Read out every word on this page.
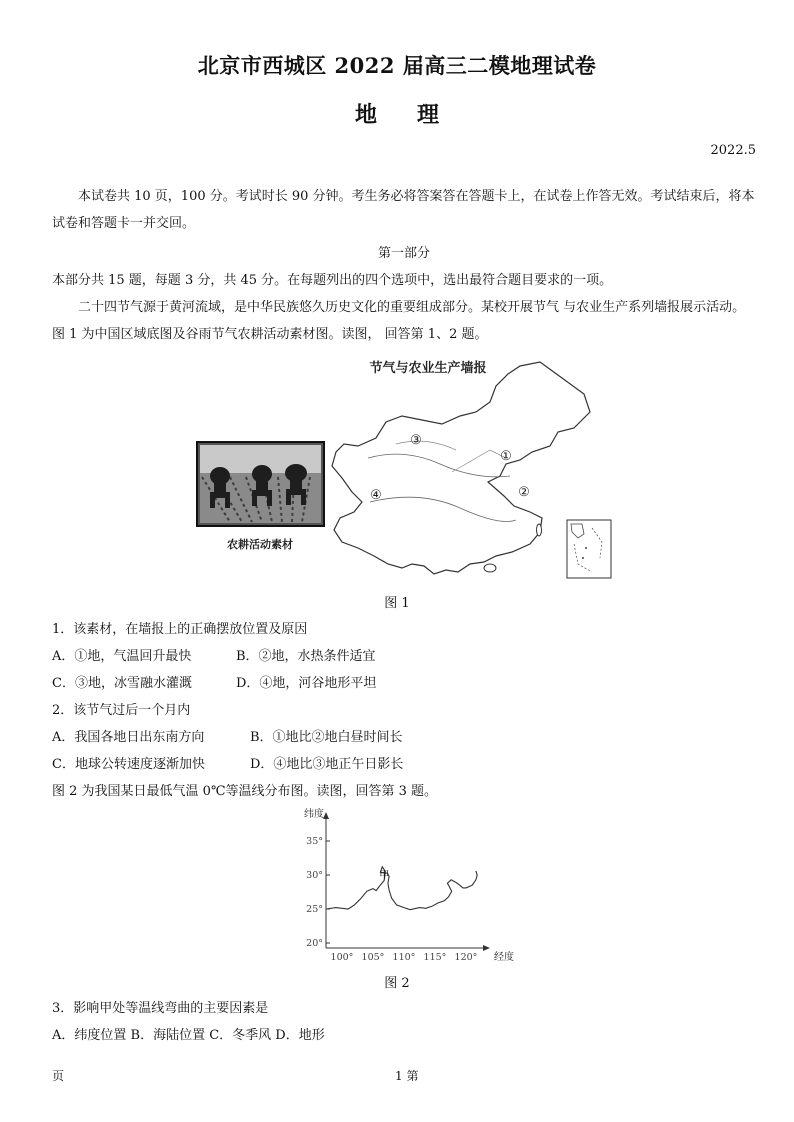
北京市西城区 2022 届高三二模地理试卷
地理
2022.5
本试卷共 10 页，100 分。考试时长 90 分钟。考生务必将答案答在答题卡上，在试卷上作答无效。考试结束后，将本试卷和答题卡一并交回。
第一部分
本部分共 15 题，每题 3 分，共 45 分。在每题列出的四个选项中，选出最符合题目要求的一项。
二十四节气源于黄河流域，是中华民族悠久历史文化的重要组成部分。某校开展节气 与农业生产系列墙报展示活动。图 1 为中国区域底图及谷雨节气农耕活动素材图。读图， 回答第 1、2 题。
节气与农业生产墙报
农耕活动素材
①
②
③
④
图 1
1．该素材，在墙报上的正确摆放位置及原因
A．①地，气温回升最快	B．②地，水热条件适宜
C．③地，冰雪融水灌溉	D．④地，河谷地形平坦
2．该节气过后一个月内
A．我国各地日出东南方向	B．①地比②地白昼时间长
C．地球公转速度逐渐加快	D．④地比③地正午日影长
图 2 为我国某日最低气温 0℃等温线分布图。读图，回答第 3 题。
纬度
经度
35°
30°
25°
20°
100° 105° 110° 115° 120°
甲
图 2
3．影响甲处等温线弯曲的主要因素是
A．纬度位置 B．海陆位置 C．冬季风 D．地形
页	1 第
